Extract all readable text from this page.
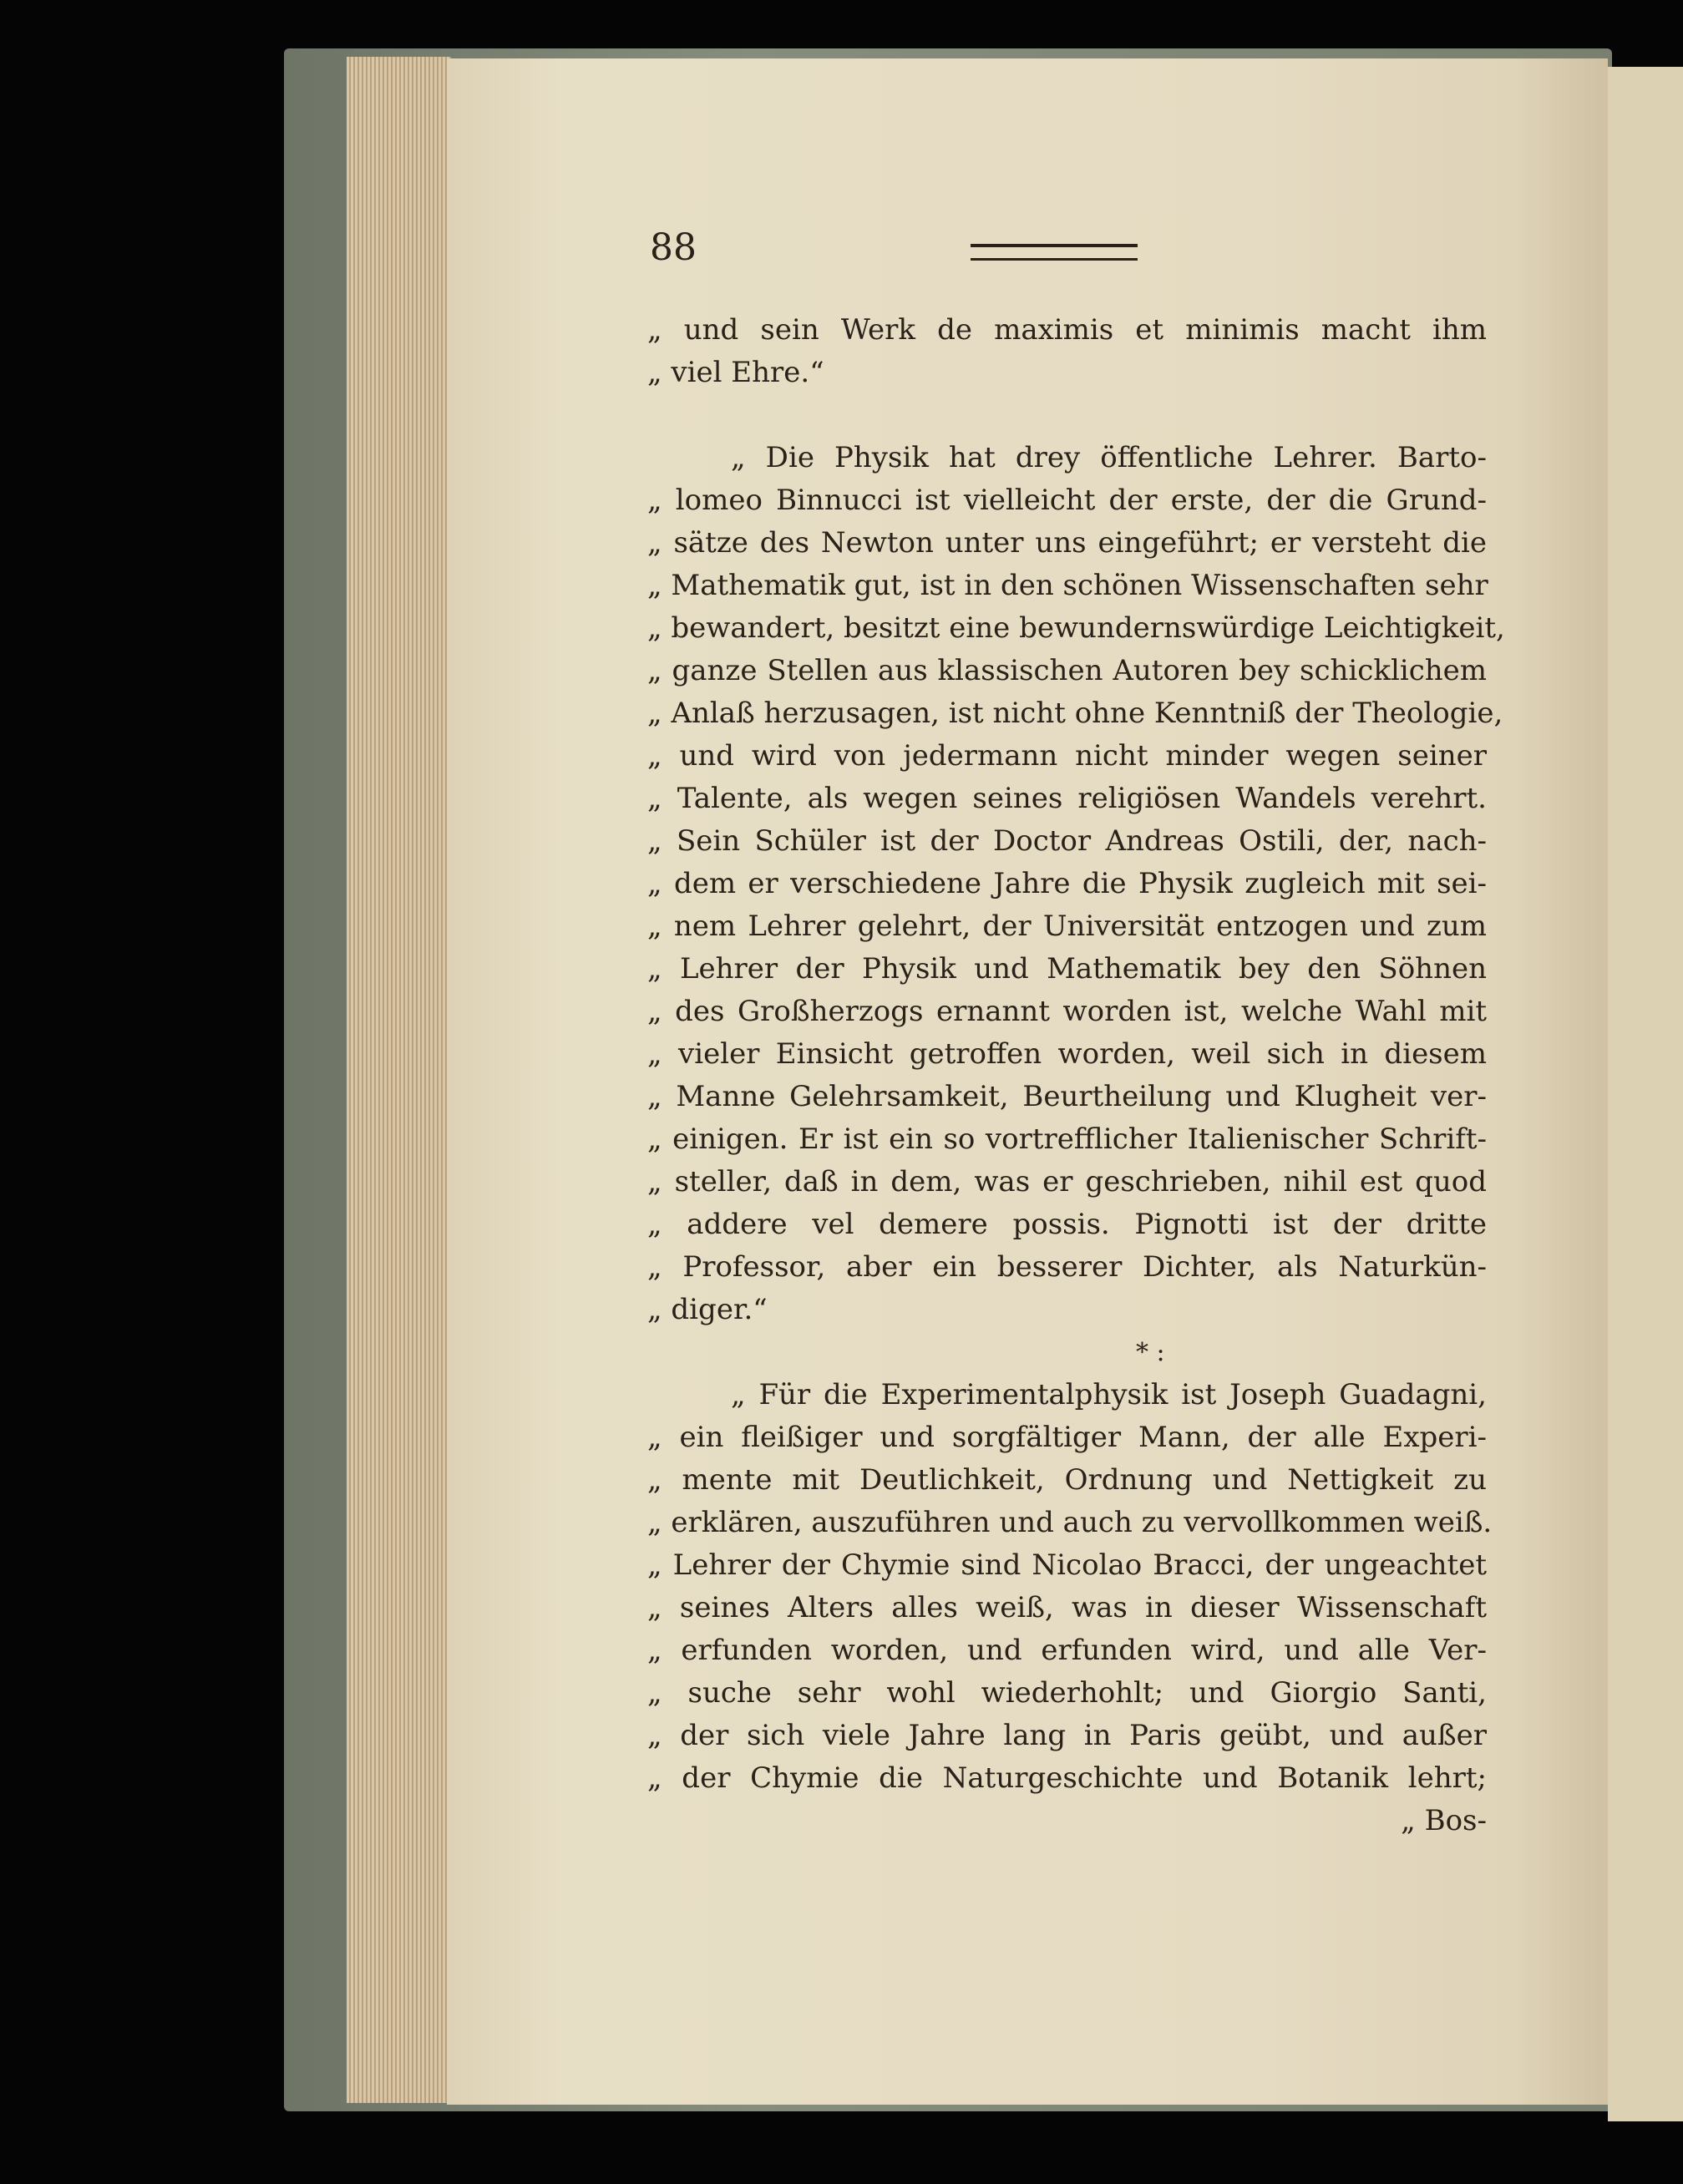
88
„ und sein Werk de maximis et minimis macht ihm
„ viel Ehre.“
„ Die Physik hat drey öffentliche Lehrer. Barto-
„ lomeo Binnucci ist vielleicht der erste, der die Grund-
„ sätze des Newton unter uns eingeführt; er versteht die
„ Mathematik gut, ist in den schönen Wissenschaften sehr
„ bewandert, besitzt eine bewundernswürdige Leichtigkeit,
„ ganze Stellen aus klassischen Autoren bey schicklichem
„ Anlaß herzusagen, ist nicht ohne Kenntniß der Theologie,
„ und wird von jedermann nicht minder wegen seiner
„ Talente, als wegen seines religiösen Wandels verehrt.
„ Sein Schüler ist der Doctor Andreas Ostili, der, nach-
„ dem er verschiedene Jahre die Physik zugleich mit sei-
„ nem Lehrer gelehrt, der Universität entzogen und zum
„ Lehrer der Physik und Mathematik bey den Söhnen
„ des Großherzogs ernannt worden ist, welche Wahl mit
„ vieler Einsicht getroffen worden, weil sich in diesem
„ Manne Gelehrsamkeit, Beurtheilung und Klugheit ver-
„ einigen. Er ist ein so vortrefflicher Italienischer Schrift-
„ steller, daß in dem, was er geschrieben, nihil est quod
„ addere vel demere possis. Pignotti ist der dritte
„ Professor, aber ein besserer Dichter, als Naturkün-
„ diger.“
* :
„ Für die Experimentalphysik ist Joseph Guadagni,
„ ein fleißiger und sorgfältiger Mann, der alle Experi-
„ mente mit Deutlichkeit, Ordnung und Nettigkeit zu
„ erklären, auszuführen und auch zu vervollkommen weiß.
„ Lehrer der Chymie sind Nicolao Bracci, der ungeachtet
„ seines Alters alles weiß, was in dieser Wissenschaft
„ erfunden worden, und erfunden wird, und alle Ver-
„ suche sehr wohl wiederhohlt; und Giorgio Santi,
„ der sich viele Jahre lang in Paris geübt, und außer
„ der Chymie die Naturgeschichte und Botanik lehrt;
„ Bos-
